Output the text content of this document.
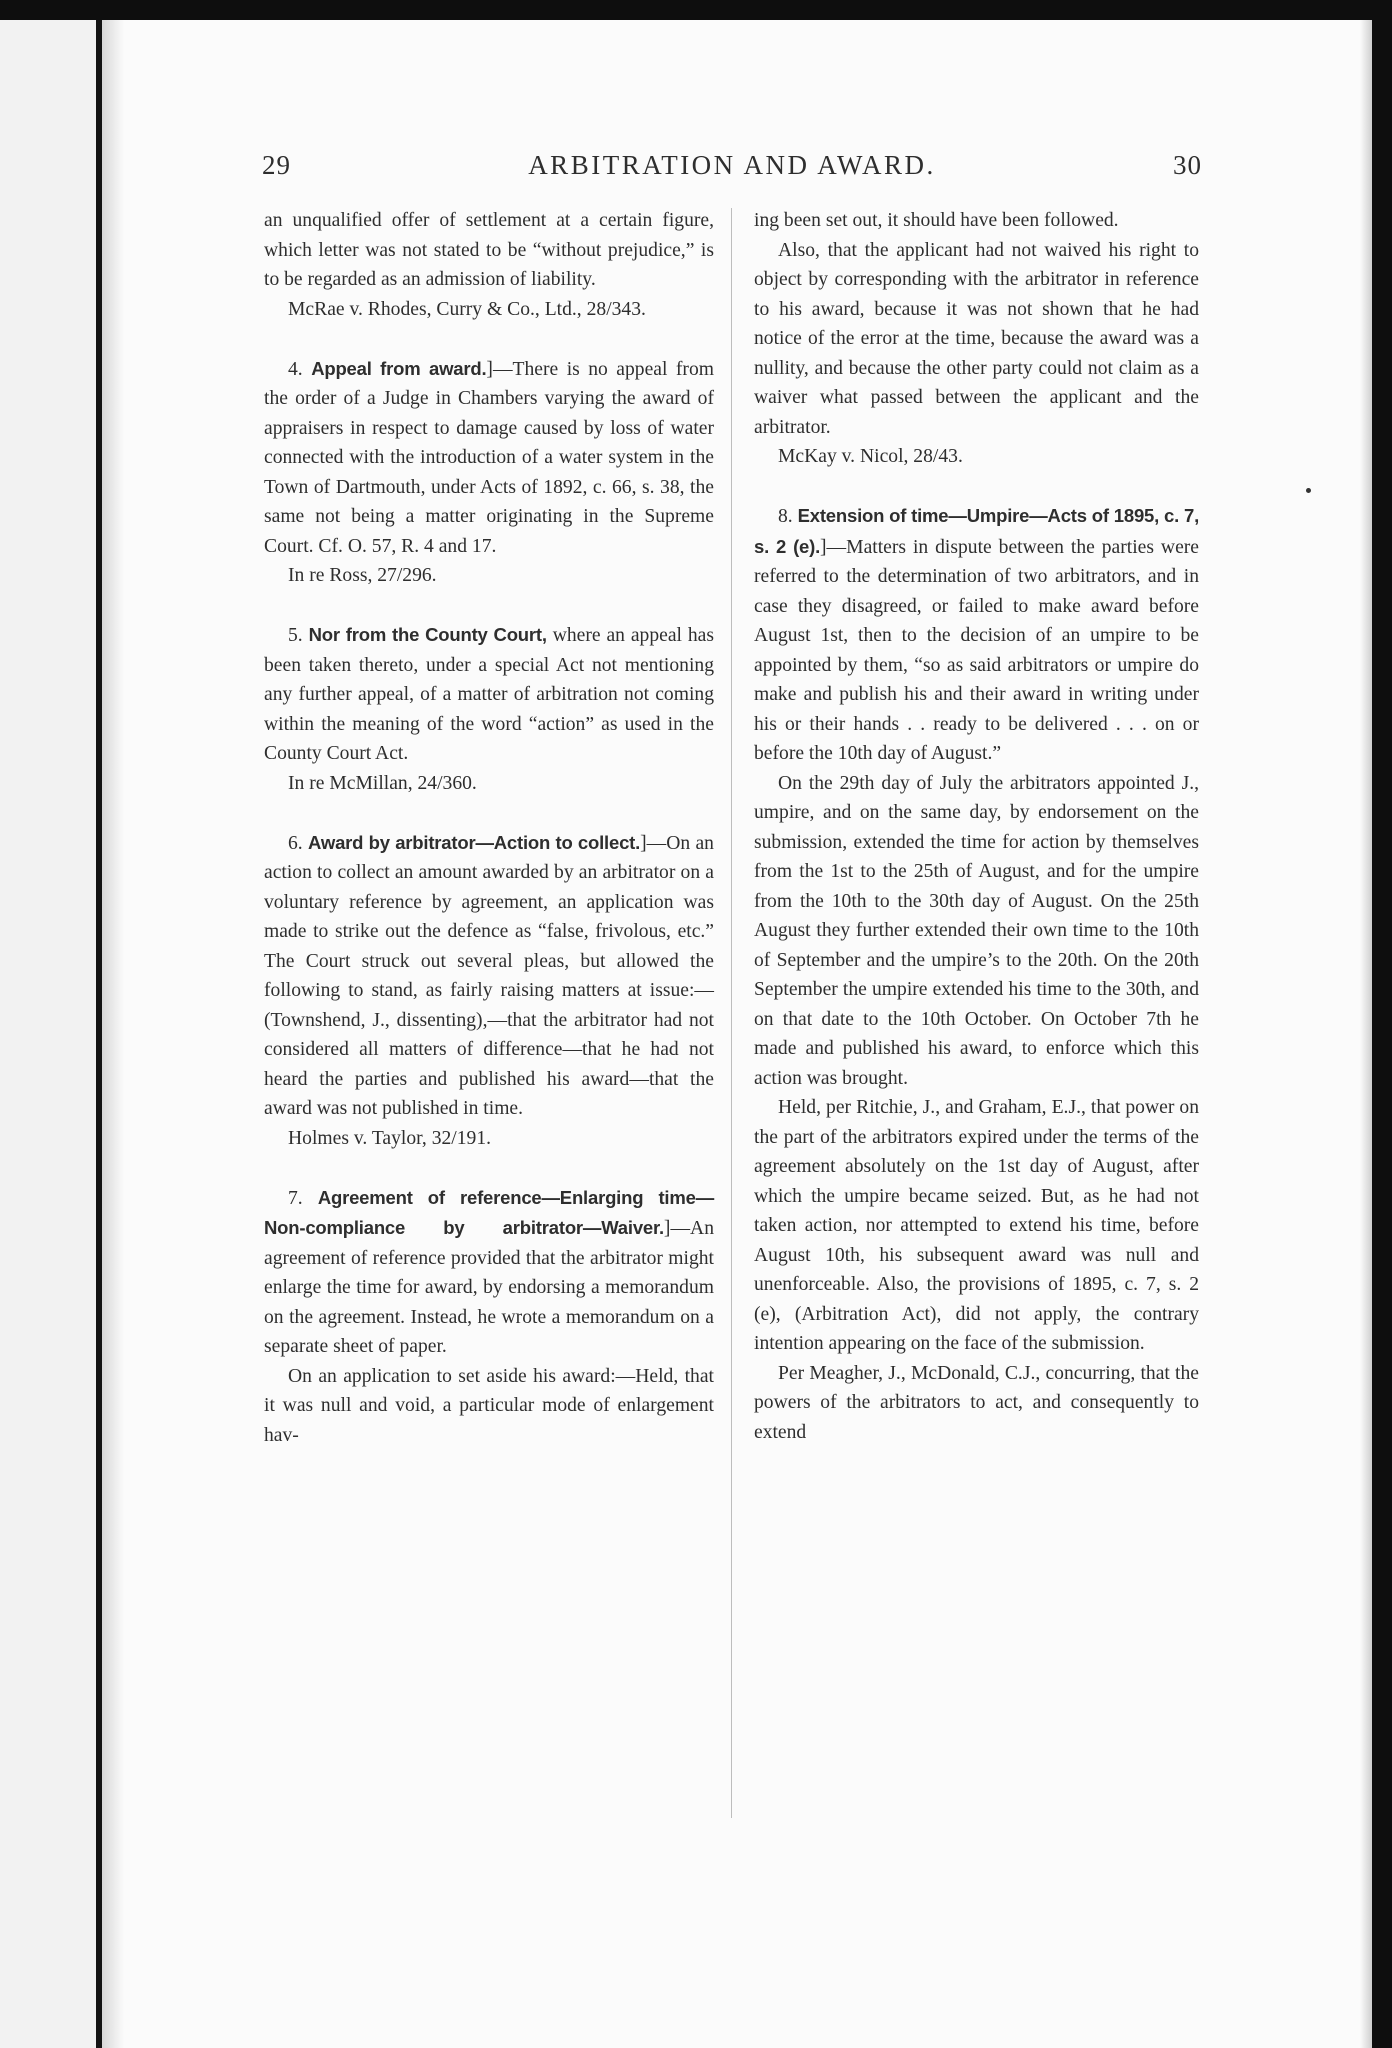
29	ARBITRATION AND AWARD.	30

an unqualified offer of settlement at a certain figure, which letter was not stated to be “without prejudice,” is to be regarded as an admission of liability.

McRae v. Rhodes, Curry & Co., Ltd., 28/343.

4. Appeal from award.]—There is no appeal from the order of a Judge in Chambers varying the award of appraisers in respect to damage caused by loss of water connected with the introduction of a water system in the Town of Dartmouth, under Acts of 1892, c. 66, s. 38, the same not being a matter originating in the Supreme Court. Cf. O. 57, R. 4 and 17.

In re Ross, 27/296.

5. Nor from the County Court, where an appeal has been taken thereto, under a special Act not mentioning any further appeal, of a matter of arbitration not coming within the meaning of the word “action” as used in the County Court Act.

In re McMillan, 24/360.

6. Award by arbitrator—Action to collect.]—On an action to collect an amount awarded by an arbitrator on a voluntary reference by agreement, an application was made to strike out the defence as “false, frivolous, etc.” The Court struck out several pleas, but allowed the following to stand, as fairly raising matters at issue:—(Townshend, J., dissenting),—that the arbitrator had not considered all matters of difference—that he had not heard the parties and published his award—that the award was not published in time.

Holmes v. Taylor, 32/191.

7. Agreement of reference—Enlarging time—Non-compliance by arbitrator—Waiver.]—An agreement of reference provided that the arbitrator might enlarge the time for award, by endorsing a memorandum on the agreement. Instead, he wrote a memorandum on a separate sheet of paper.

On an application to set aside his award:—Held, that it was null and void, a particular mode of enlargement hav-

ing been set out, it should have been followed.

Also, that the applicant had not waived his right to object by corresponding with the arbitrator in reference to his award, because it was not shown that he had notice of the error at the time, because the award was a nullity, and because the other party could not claim as a waiver what passed between the applicant and the arbitrator.

McKay v. Nicol, 28/43.

8. Extension of time—Umpire—Acts of 1895, c. 7, s. 2 (e).]—Matters in dispute between the parties were referred to the determination of two arbitrators, and in case they disagreed, or failed to make award before August 1st, then to the decision of an umpire to be appointed by them, “so as said arbitrators or umpire do make and publish his and their award in writing under his or their hands . . ready to be delivered . . . on or before the 10th day of August.”

On the 29th day of July the arbitrators appointed J., umpire, and on the same day, by endorsement on the submission, extended the time for action by themselves from the 1st to the 25th of August, and for the umpire from the 10th to the 30th day of August. On the 25th August they further extended their own time to the 10th of September and the umpire’s to the 20th. On the 20th September the umpire extended his time to the 30th, and on that date to the 10th October. On October 7th he made and published his award, to enforce which this action was brought.

Held, per Ritchie, J., and Graham, E.J., that power on the part of the arbitrators expired under the terms of the agreement absolutely on the 1st day of August, after which the umpire became seized. But, as he had not taken action, nor attempted to extend his time, before August 10th, his subsequent award was null and unenforceable. Also, the provisions of 1895, c. 7, s. 2 (e), (Arbitration Act), did not apply, the contrary intention appearing on the face of the submission.

Per Meagher, J., McDonald, C.J., concurring, that the powers of the arbitrators to act, and consequently to extend
